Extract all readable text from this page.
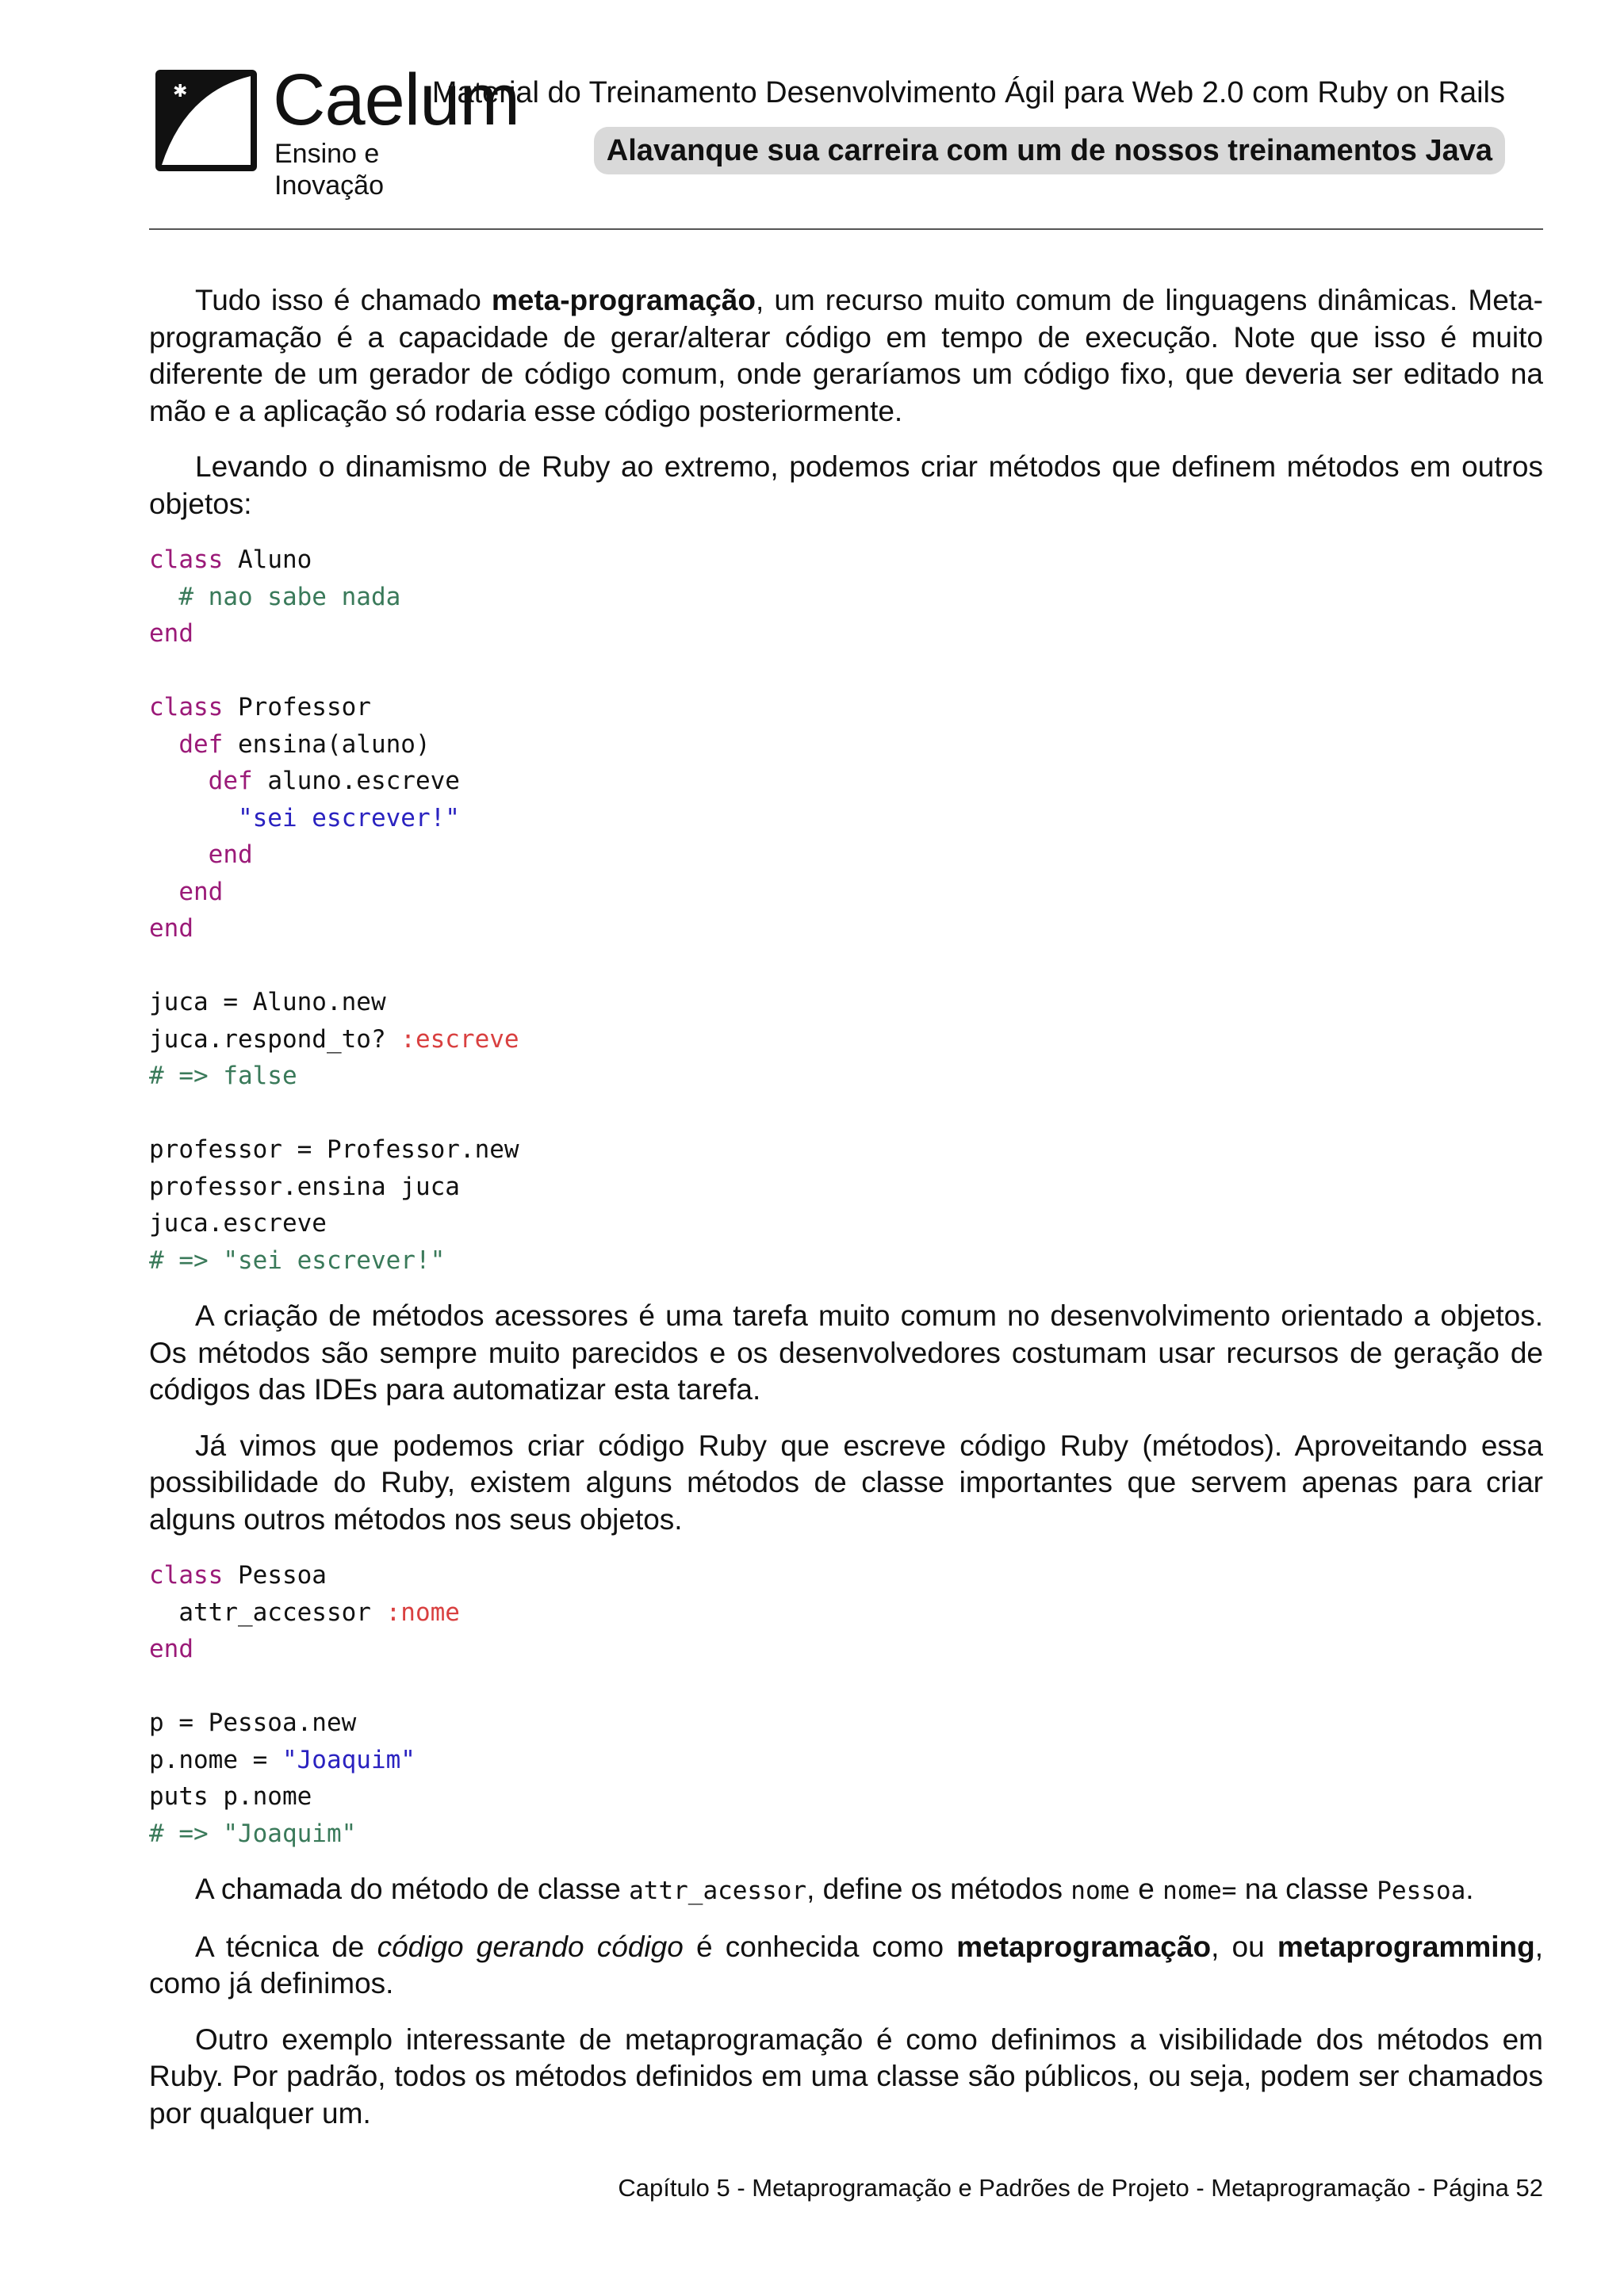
✱ Caelum
Ensino e Inovação
Material do Treinamento Desenvolvimento Ágil para Web 2.0 com Ruby on Rails
Alavanque sua carreira com um de nossos treinamentos Java

Tudo isso é chamado meta-programação, um recurso muito comum de linguagens dinâmicas. Meta-programação é a capacidade de gerar/alterar código em tempo de execução. Note que isso é muito diferente de um gerador de código comum, onde geraríamos um código fixo, que deveria ser editado na mão e a aplicação só rodaria esse código posteriormente.

Levando o dinamismo de Ruby ao extremo, podemos criar métodos que definem métodos em outros objetos:

class Aluno
# nao sabe nada
end
class Professor
def ensina(aluno)
def aluno.escreve
"sei escrever!"
end
end
end
juca = Aluno.new
juca.respond_to? :escreve
# => false
professor = Professor.new
professor.ensina juca
juca.escreve
# => "sei escrever!"

A criação de métodos acessores é uma tarefa muito comum no desenvolvimento orientado a objetos. Os métodos são sempre muito parecidos e os desenvolvedores costumam usar recursos de geração de códigos das IDEs para automatizar esta tarefa.

Já vimos que podemos criar código Ruby que escreve código Ruby (métodos). Aproveitando essa possibilidade do Ruby, existem alguns métodos de classe importantes que servem apenas para criar alguns outros métodos nos seus objetos.

class Pessoa
attr_accessor :nome
end
p = Pessoa.new
p.nome = "Joaquim"
puts p.nome
# => "Joaquim"

A chamada do método de classe attr_acessor, define os métodos nome e nome= na classe Pessoa.

A técnica de código gerando código é conhecida como metaprogramação, ou metaprogramming, como já definimos.

Outro exemplo interessante de metaprogramação é como definimos a visibilidade dos métodos em Ruby. Por padrão, todos os métodos definidos em uma classe são públicos, ou seja, podem ser chamados por qualquer um.

Capítulo 5 - Metaprogramação e Padrões de Projeto - Metaprogramação - Página 52
